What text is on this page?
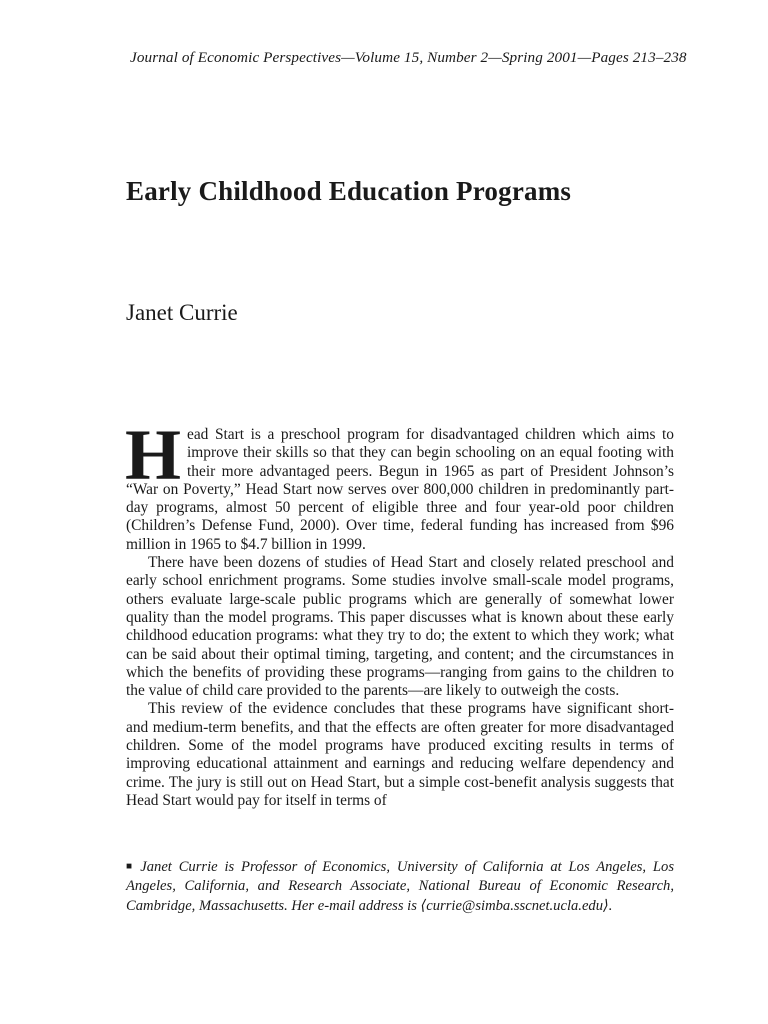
Journal of Economic Perspectives—Volume 15, Number 2—Spring 2001—Pages 213–238
Early Childhood Education Programs
Janet Currie

Head Start is a preschool program for disadvantaged children which aims to improve their skills so that they can begin schooling on an equal footing with their more advantaged peers. Begun in 1965 as part of President Johnson’s “War on Poverty,” Head Start now serves over 800,000 children in predominantly part-day programs, almost 50 percent of eligible three and four year-old poor children (Children’s Defense Fund, 2000). Over time, federal funding has increased from $96 million in 1965 to $4.7 billion in 1999.

There have been dozens of studies of Head Start and closely related preschool and early school enrichment programs. Some studies involve small-scale model programs, others evaluate large-scale public programs which are generally of somewhat lower quality than the model programs. This paper discusses what is known about these early childhood education programs: what they try to do; the extent to which they work; what can be said about their optimal timing, targeting, and content; and the circumstances in which the benefits of providing these programs—ranging from gains to the children to the value of child care provided to the parents—are likely to outweigh the costs.

This review of the evidence concludes that these programs have significant short- and medium-term benefits, and that the effects are often greater for more disadvantaged children. Some of the model programs have produced exciting results in terms of improving educational attainment and earnings and reducing welfare dependency and crime. The jury is still out on Head Start, but a simple cost-benefit analysis suggests that Head Start would pay for itself in terms of

■ Janet Currie is Professor of Economics, University of California at Los Angeles, Los Angeles, California, and Research Associate, National Bureau of Economic Research, Cambridge, Massachusetts. Her e-mail address is ⟨currie@simba.sscnet.ucla.edu⟩.
